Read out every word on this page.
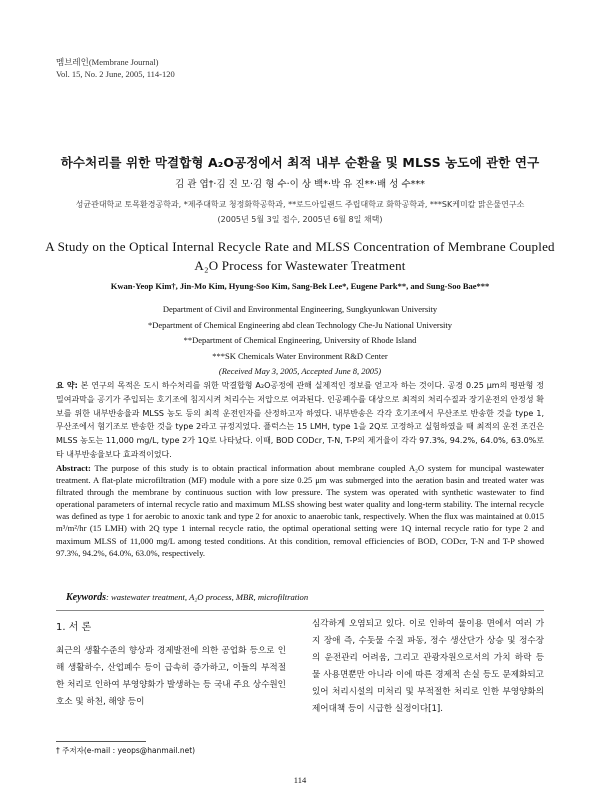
멤브레인(Membrane Journal)
Vol. 15, No. 2 June, 2005, 114-120
하수처리를 위한 막결합형 A₂O공정에서 최적 내부 순환율 및 MLSS 농도에 관한 연구
김 관 엽†·김 진 모·김 형 수·이 상 백*·박 유 진**·배 성 수***
성균관대학교 토목환경공학과, *제주대학교 청정화학공학과, **로드아일랜드 주립대학교 화학공학과, ***SK케미칼 맑은물연구소
(2005년 5월 3일 접수, 2005년 6월 8일 채택)
A Study on the Optical Internal Recycle Rate and MLSS Concentration of Membrane Coupled
A₂O Process for Wastewater Treatment
Kwan-Yeop Kim†, Jin-Mo Kim, Hyung-Soo Kim, Sang-Bek Lee*, Eugene Park**, and Sung-Soo Bae***
Department of Civil and Environmental Engineering, Sungkyunkwan University
*Department of Chemical Engineering abd clean Technology Che-Ju National University
**Department of Chemical Engineering, University of Rhode Island
***SK Chemicals Water Environment R&D Center
(Received May 3, 2005, Accepted June 8, 2005)
요 약: 본 연구의 목적은 도시 하수처리를 위한 막결합형 A₂O공정에 관해 실제적인 정보를 얻고자 하는 것이다. 공경 0.25 μm의 평판형 정밀여과막을 공기가 주입되는 호기조에 침지시켜 처리수는 저압으로 여과된다. 인공폐수를 대상으로 최적의 처리수질과 장기운전의 안정성 확보를 위한 내부반송율과 MLSS 농도 등의 최적 운전인자를 산정하고자 하였다. 내부반송은 각각 호기조에서 무산조로 반송한 것을 type 1, 무산조에서 혐기조로 반송한 것을 type 2라고 규정지었다. 플럭스는 15 LMH, type 1을 2Q로 고정하고 실험하였을 때 최적의 운전 조건은 MLSS 농도는 11,000 mg/L, type 2가 1Q로 나타났다. 이때, BOD CODcr, T-N, T-P의 제거율이 각각 97.3%, 94.2%, 64.0%, 63.0%로 타 내부반송율보다 효과적이었다.
Abstract: The purpose of this study is to obtain practical information about membrane coupled A₂O system for muncipal wastewater treatment. A flat-plate microfiltration (MF) module with a pore size 0.25 μm was submerged into the aeration basin and treated water was filtrated through the membrane by continuous suction with low pressure. The system was operated with synthetic wastewater to find operational parameters of internal recycle ratio and maximum MLSS showing best water quality and long-term stability. The internal recycle was defined as type 1 for aerobic to anoxic tank and type 2 for anoxic to anaerobic tank, respectively. When the flux was maintained at 0.015 m³/m²/hr (15 LMH) with 2Q type 1 internal recycle ratio, the optimal operational setting were 1Q internal recycle ratio for type 2 and maximum MLSS of 11,000 mg/L among tested conditions. At this condition, removal efficiencies of BOD, CODcr, T-N and T-P showed 97.3%, 94.2%, 64.0%, 63.0%, respectively.
Keywords: wastewater treatment, A₂O process, MBR, microfiltration
1. 서 론
최근의 생활수준의 향상과 경제발전에 의한 공업화 등으로 인해 생활하수, 산업폐수 등이 급속히 증가하고, 이들의 부적절한 처리로 인하여 부영양화가 발생하는 등 국내 주요 상수원인 호소 및 하천, 해양 등이
심각하게 오염되고 있다. 이로 인하여 물이용 면에서 여러 가지 장애 즉, 수돗물 수질 파동, 정수 생산단가 상승 및 정수장의 운전관리 어려움, 그리고 관광자원으로서의 가치 하락 등 물 사용면뿐만 아니라 이에 따른 경제적 손실 등도 문제화되고 있어 처리시설의 미처리 및 부적절한 처리로 인한 부영양화의 제어대책 등이 시급한 실정이다[1].
† 주저자(e-mail : yeops@hanmail.net)
114
